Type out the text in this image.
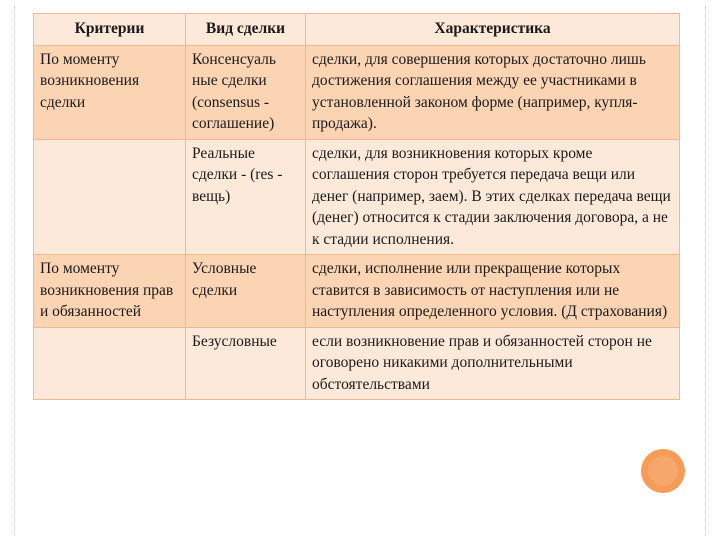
Критерии	Вид сделки	Характеристика
По моменту возникновения сделки	Консенсуаль ные сделки (consensus - соглашение)	сделки, для совершения которых достаточно лишь достижения соглашения между ее участниками в установленной законом форме (например, купля-продажа).
	Реальные сделки - (res - вещь)	сделки, для возникновения которых кроме соглашения сторон требуется передача вещи или денег (например, заем). В этих сделках передача вещи (денег) относится к стадии заключения договора, а не к стадии исполнения.
По моменту возникновения прав и обязанностей	Условные сделки	сделки, исполнение или прекращение которых ставится в зависимость от наступления или не наступления определенного условия. (Д страхования)
	Безусловные	если возникновение прав и обязанностей сторон не оговорено никакими дополнительными обстоятельствами
